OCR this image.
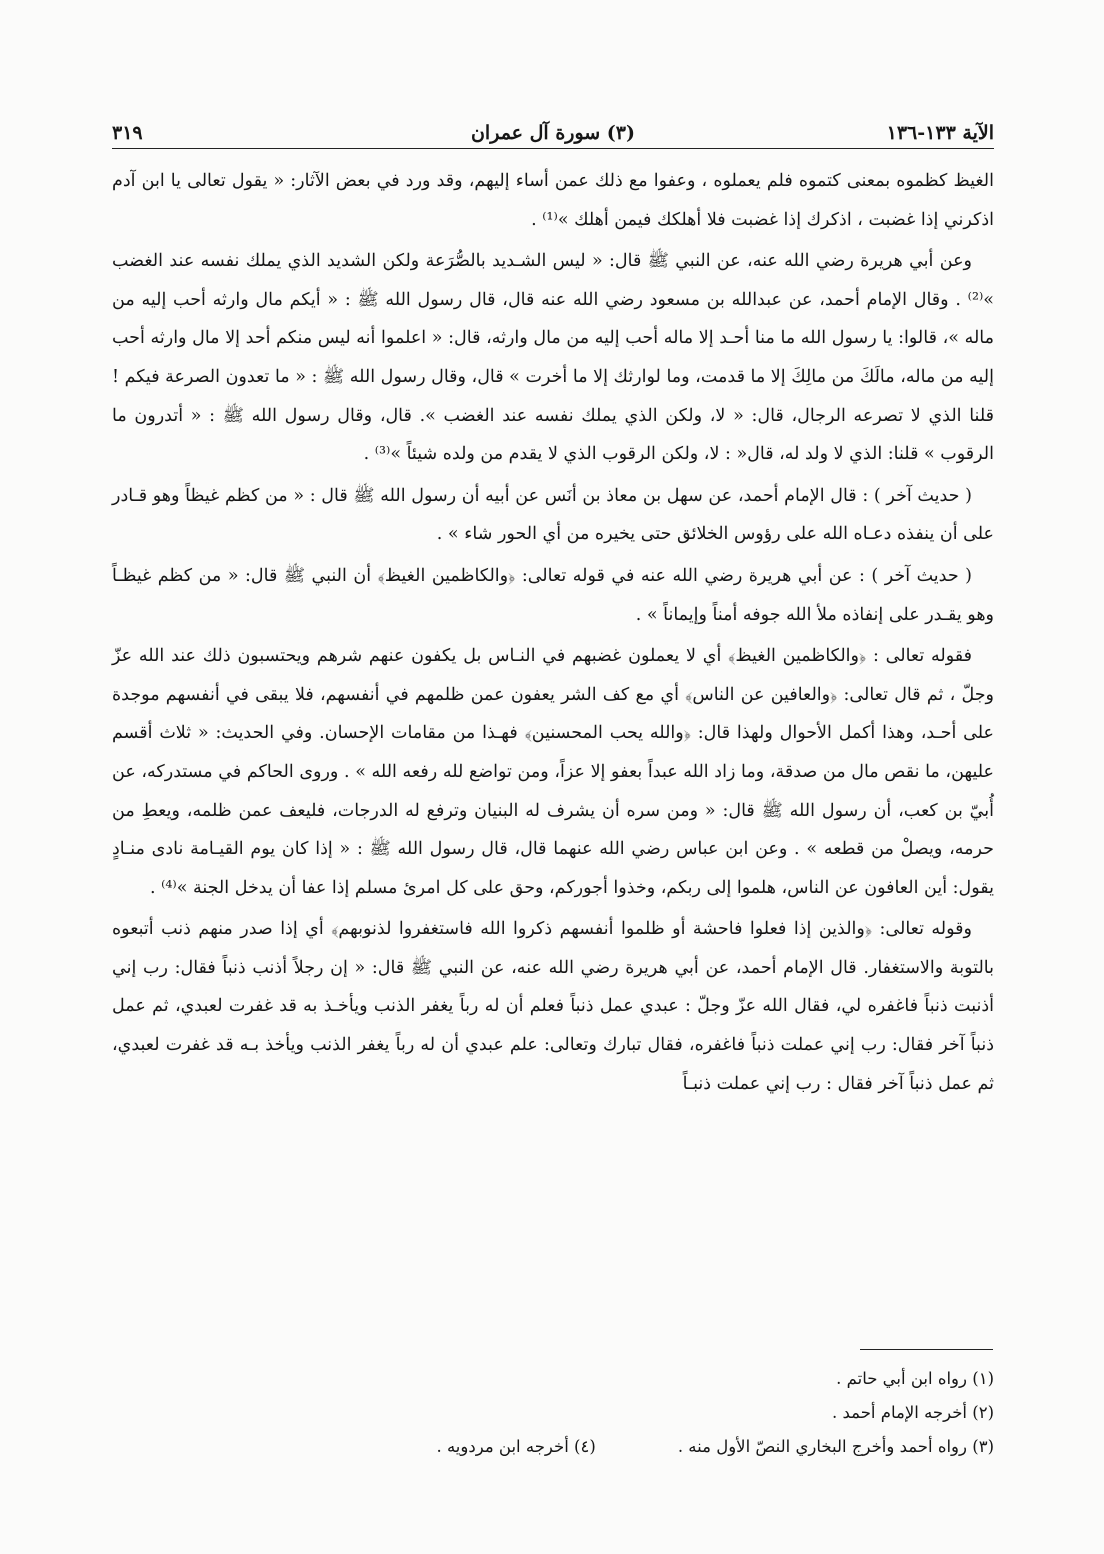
الآية ١٣٣-١٣٦
(٣) سورة آل عمران
٣١٩

الغيظ كظموه بمعنى كتموه فلم يعملوه ، وعفوا مع ذلك عمن أساء إليهم، وقد ورد في بعض الآثار: « يقول تعالى يا ابن آدم اذكرني إذا غضبت ، اذكرك إذا غضبت فلا أهلكك فيمن أهلك »⁽¹⁾ .

وعن أبي هريرة رضي الله عنه، عن النبي ﷺ قال: « ليس الشـديد بالصُّرَعة ولكن الشديد الذي يملك نفسه عند الغضب »⁽²⁾ . وقال الإمام أحمد، عن عبدالله بن مسعود رضي الله عنه قال، قال رسول الله ﷺ : « أيكم مال وارثه أحب إليه من ماله »، قالوا: يا رسول الله ما منا أحـد إلا ماله أحب إليه من مال وارثه، قال: « اعلموا أنه ليس منكم أحد إلا مال وارثه أحب إليه من ماله، مالَكَ من مالِكَ إلا ما قدمت، وما لوارثك إلا ما أخرت » قال، وقال رسول الله ﷺ : « ما تعدون الصرعة فيكم ! قلنا الذي لا تصرعه الرجال، قال: « لا، ولكن الذي يملك نفسه عند الغضب ». قال، وقال رسول الله ﷺ : « أتدرون ما الرقوب » قلنا: الذي لا ولد له، قال« : لا، ولكن الرقوب الذي لا يقدم من ولده شيئاً »⁽³⁾ .

( حديث آخر ) : قال الإمام أحمد، عن سهل بن معاذ بن أنَس عن أبيه أن رسول الله ﷺ قال : « من كظم غيظاً وهو قـادر على أن ينفذه دعـاه الله على رؤوس الخلائق حتى يخيره من أي الحور شاء » .

( حديث آخر ) : عن أبي هريرة رضي الله عنه في قوله تعالى: ﴿والكاظمين الغيظ﴾ أن النبي ﷺ قال: « من كظم غيظـاً وهو يقـدر على إنفاذه ملأ الله جوفه أمناً وإيماناً » .

فقوله تعالى : ﴿والكاظمين الغيظ﴾ أي لا يعملون غضبهم في النـاس بل يكفون عنهم شرهم ويحتسبون ذلك عند الله عزّ وجلّ ، ثم قال تعالى: ﴿والعافين عن الناس﴾ أي مع كف الشر يعفون عمن ظلمهم في أنفسهم، فلا يبقى في أنفسهم موجدة على أحـد، وهذا أكمل الأحوال ولهذا قال: ﴿والله يحب المحسنين﴾ فهـذا من مقامات الإحسان. وفي الحديث: « ثلاث أقسم عليهن، ما نقص مال من صدقة، وما زاد الله عبداً بعفو إلا عزاً، ومن تواضع لله رفعه الله » . وروى الحاكم في مستدركه، عن أُبيّ بن كعب، أن رسول الله ﷺ قال: « ومن سره أن يشرف له البنيان وترفع له الدرجات، فليعف عمن ظلمه، ويعطِ من حرمه، ويصلْ من قطعه » . وعن ابن عباس رضي الله عنهما قال، قال رسول الله ﷺ : « إذا كان يوم القيـامة نادى منـادٍ يقول: أين العافون عن الناس، هلموا إلى ربكم، وخذوا أجوركم، وحق على كل امرئ مسلم إذا عفا أن يدخل الجنة »⁽⁴⁾ .

وقوله تعالى: ﴿والذين إذا فعلوا فاحشة أو ظلموا أنفسهم ذكروا الله فاستغفروا لذنوبهم﴾ أي إذا صدر منهم ذنب أتبعوه بالتوبة والاستغفار. قال الإمام أحمد، عن أبي هريرة رضي الله عنه، عن النبي ﷺ قال: « إن رجلاً أذنب ذنباً فقال: رب إني أذنبت ذنباً فاغفره لي، فقال الله عزّ وجلّ : عبدي عمل ذنباً فعلم أن له رباً يغفر الذنب ويأخـذ به قد غفرت لعبدي، ثم عمل ذنباً آخر فقال: رب إني عملت ذنباً فاغفره، فقال تبارك وتعالى: علم عبدي أن له رباً يغفر الذنب ويأخذ بـه قد غفرت لعبدي، ثم عمل ذنباً آخر فقال : رب إني عملت ذنبـاً

(١) رواه ابن أبي حاتم .
(٢) أخرجه الإمام أحمد .
(٣) رواه أحمد وأخرج البخاري النصّ الأول منه .
(٤) أخرجه ابن مردويه .
